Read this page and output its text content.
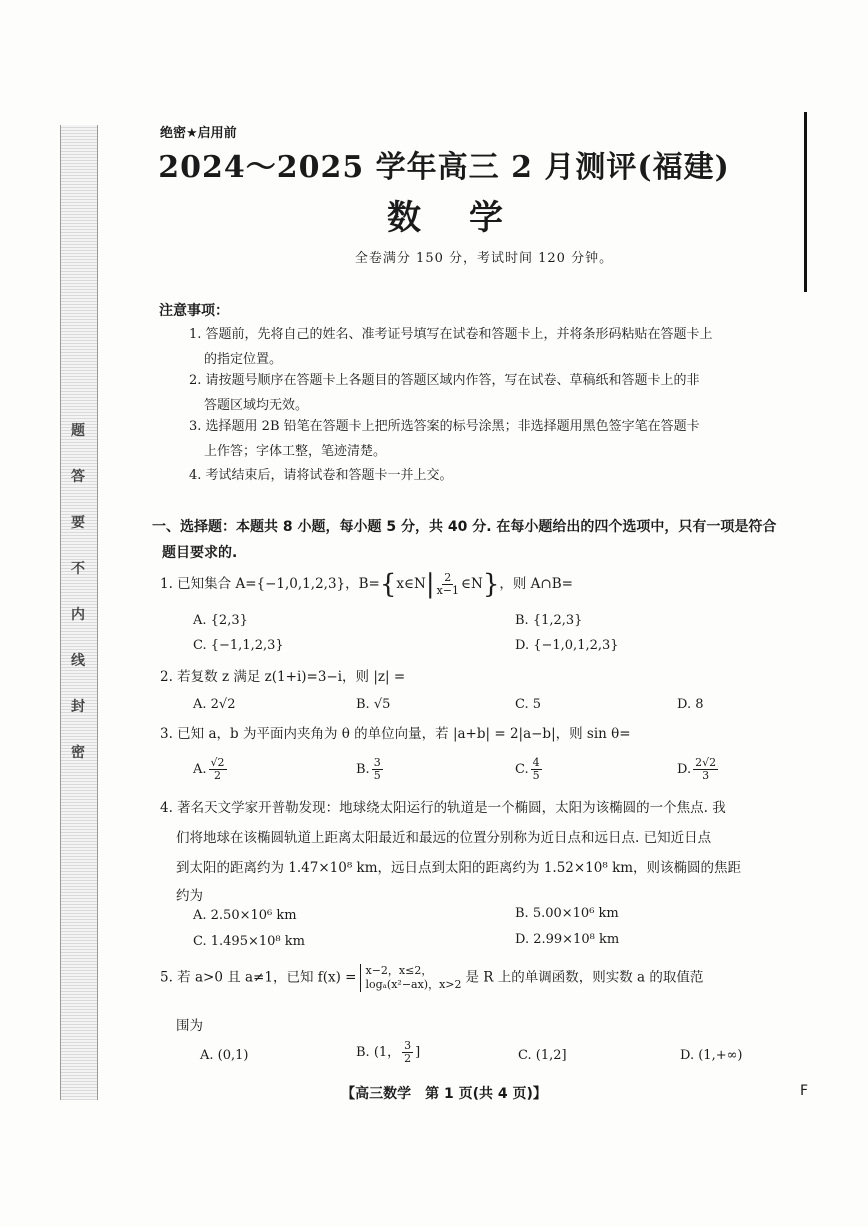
题
答
要
不
内
线
封
密
绝密★启用前
2024～2025 学年高三 2 月测评(福建)
数学
全卷满分 150 分，考试时间 120 分钟。
注意事项：
1. 答题前，先将自己的姓名、准考证号填写在试卷和答题卡上，并将条形码粘贴在答题卡上
的指定位置。
2. 请按题号顺序在答题卡上各题目的答题区域内作答，写在试卷、草稿纸和答题卡上的非
答题区域均无效。
3. 选择题用 2B 铅笔在答题卡上把所选答案的标号涂黑；非选择题用黑色签字笔在答题卡
上作答；字体工整，笔迹清楚。
4. 考试结束后，请将试卷和答题卡一并上交。
一、选择题：本题共 8 小题，每小题 5 分，共 40 分. 在每小题给出的四个选项中，只有一项是符合
题目要求的.
1. 已知集合 A={−1,0,1,2,3}，B={x∈N| $\frac{2}{x-1}$ ∈N}，则 A∩B=
A. {2,3}	B. {1,2,3}
C. {−1,1,2,3}	D. {−1,0,1,2,3}
2. 若复数 z 满足 z(1+i)=3−i，则 |z| =
A. 2√2	B. √5	C. 5	D. 8
3. 已知 a，b 为平面内夹角为 θ 的单位向量，若 |a+b| = 2|a−b|，则 sin θ=
A. $\frac{√2}{2}$	B. $\frac{3}{5}$	C. $\frac{4}{5}$	D. $\frac{2√2}{3}$
4. 著名天文学家开普勒发现：地球绕太阳运行的轨道是一个椭圆，太阳为该椭圆的一个焦点. 我
们将地球在该椭圆轨道上距离太阳最近和最远的位置分别称为近日点和远日点. 已知近日点
到太阳的距离约为 1.47×10⁸ km，远日点到太阳的距离约为 1.52×10⁸ km，则该椭圆的焦距
约为
A. 2.50×10⁶ km	B. 5.00×10⁶ km
C. 1.495×10⁸ km	D. 2.99×10⁸ km
5. 若 a>0 且 a≠1，已知 f(x) = x−2，x≤2，
logₐ(x²−ax)，x>2 是 R 上的单调函数，则实数 a 的取值范
围为
A. (0,1)	B. (1， $\frac{3}{2}$ ]	C. (1,2]	D. (1,+∞)
【高三数学　第 1 页(共 4 页)】	F
